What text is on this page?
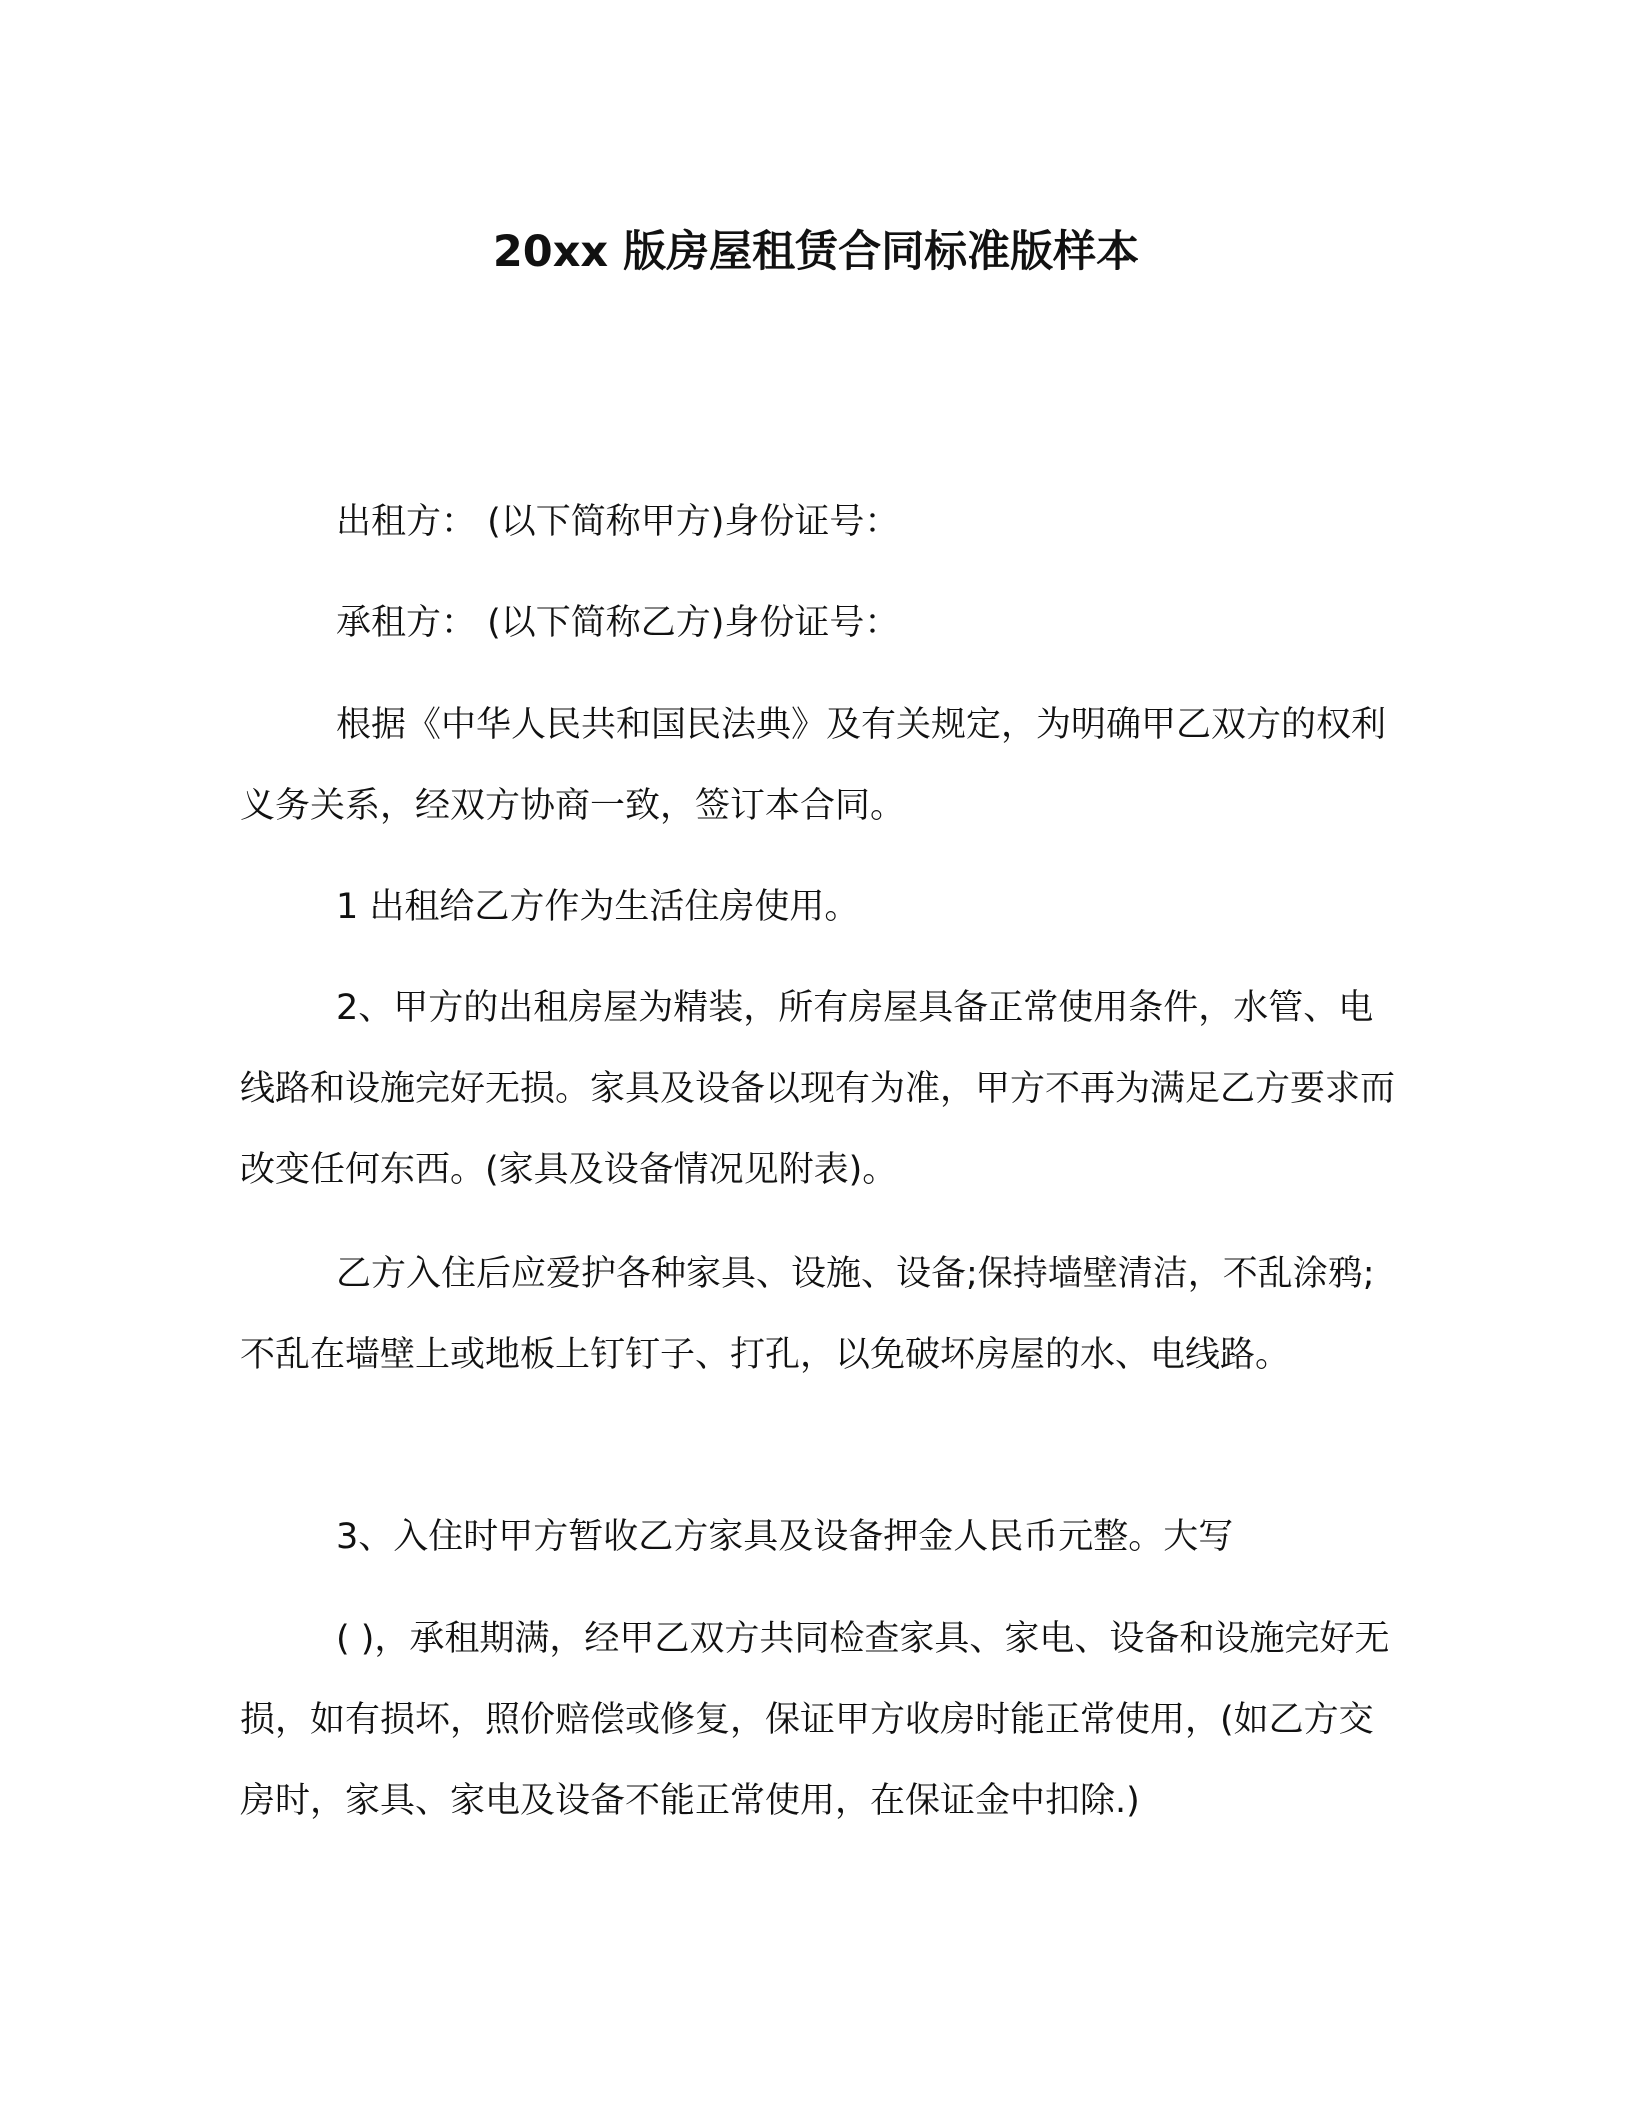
20xx 版房屋租赁合同标准版样本

出租方： (以下简称甲方)身份证号：

承租方： (以下简称乙方)身份证号：

根据《中华人民共和国民法典》及有关规定，为明确甲乙双方的权利义务关系，经双方协商一致，签订本合同。

1 出租给乙方作为生活住房使用。

2、甲方的出租房屋为精装，所有房屋具备正常使用条件，水管、电线路和设施完好无损。家具及设备以现有为准，甲方不再为满足乙方要求而改变任何东西。(家具及设备情况见附表)。

乙方入住后应爱护各种家具、设施、设备;保持墙壁清洁，不乱涂鸦;不乱在墙壁上或地板上钉钉子、打孔，以免破坏房屋的水、电线路。

3、入住时甲方暂收乙方家具及设备押金人民币元整。大写

( )，承租期满，经甲乙双方共同检查家具、家电、设备和设施完好无损，如有损坏，照价赔偿或修复，保证甲方收房时能正常使用，(如乙方交房时，家具、家电及设备不能正常使用，在保证金中扣除.)
